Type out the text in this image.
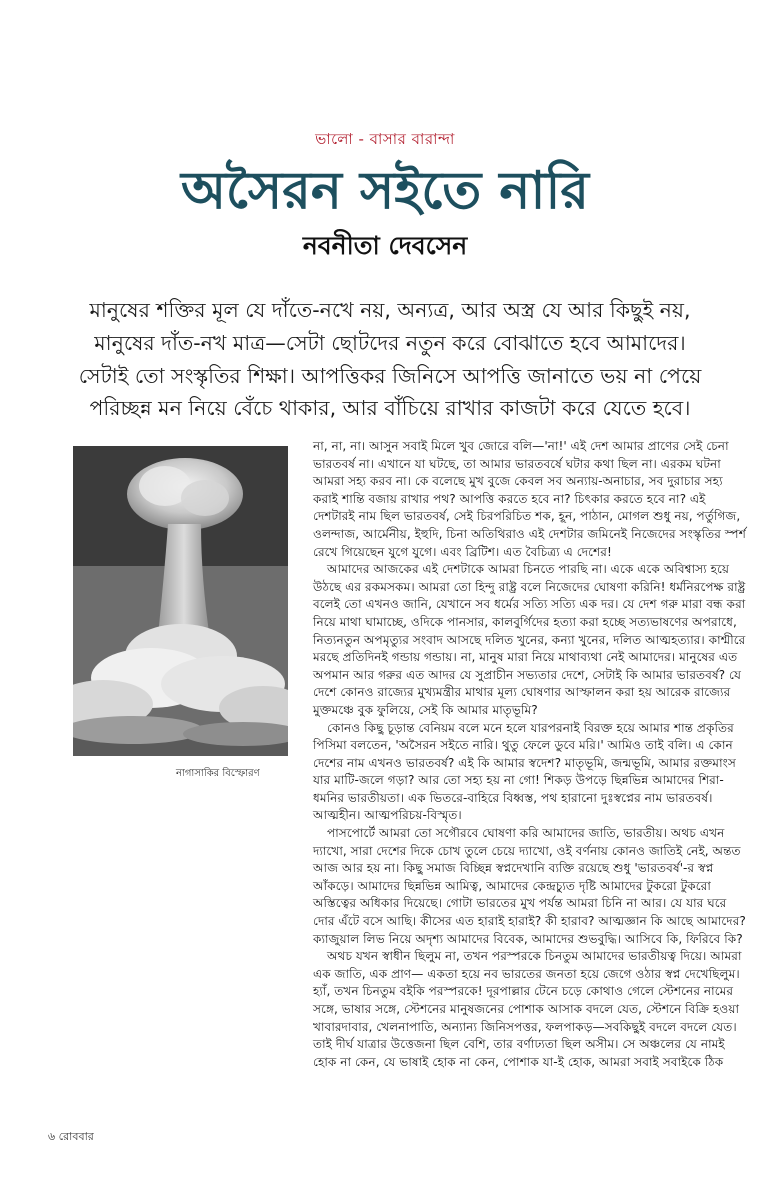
ভালো - বাসার বারান্দা
অসৈরন সইতে নারি
নবনীতা দেবসেন

মানুষের শক্তির মূল যে দাঁতে-নখে নয়, অন্যত্র, আর অস্ত্র যে আর কিছুই নয়,

মানুষের দাঁত-নখ মাত্র—সেটা ছোটদের নতুন করে বোঝাতে হবে আমাদের।

সেটাই তো সংস্কৃতির শিক্ষা। আপত্তিকর জিনিসে আপত্তি জানাতে ভয় না পেয়ে

পরিচ্ছন্ন মন নিয়ে বেঁচে থাকার, আর বাঁচিয়ে রাখার কাজটা করে যেতে হবে।

নাগাসাকির বিস্ফোরণ

না, না, না। আসুন সবাই মিলে খুব জোরে বলি—'না!' এই দেশ আমার প্রাণের সেই চেনা ভারতবর্ষ না। এখানে যা ঘটছে, তা আমার ভারতবর্ষে ঘটার কথা ছিল না। এরকম ঘটনা আমরা সহ্য করব না। কে বলেছে মুখ বুজে কেবল সব অন্যায়-অনাচার, সব দুরাচার সহ্য করাই শান্তি বজায় রাখার পথ? আপত্তি করতে হবে না? চিৎকার করতে হবে না? এই দেশটারই নাম ছিল ভারতবর্ষ, সেই চিরপরিচিত শক, হূন, পাঠান, মোগল শুধু নয়, পর্তুগিজ, ওলন্দাজ, আর্মেনীয়, ইহুদি, চিনা অতিথিরাও এই দেশটার জমিনেই নিজেদের সংস্কৃতির স্পর্শ রেখে গিয়েছেন যুগে যুগে। এবং ব্রিটিশ। এত বৈচিত্র্য এ দেশের!

আমাদের আজকের এই দেশটাকে আমরা চিনতে পারছি না। একে একে অবিশ্বাস্য হয়ে উঠছে এর রকমসকম। আমরা তো হিন্দু রাষ্ট্র বলে নিজেদের ঘোষণা করিনি! ধর্মনিরপেক্ষ রাষ্ট্র বলেই তো এখনও জানি, যেখানে সব ধর্মের সত্যি সত্যি এক দর। যে দেশ গরু মারা বন্ধ করা নিয়ে মাথা ঘামাচ্ছে, ওদিকে পানসার, কালবুর্গিদের হত্যা করা হচ্ছে সত্যভাষণের অপরাধে, নিত্যনতুন অপমৃত্যুর সংবাদ আসছে দলিত খুনের, কন্যা খুনের, দলিত আত্মহত্যার। কাশ্মীরে মরছে প্রতিদিনই গন্ডায় গন্ডায়। না, মানুষ মারা নিয়ে মাথাব্যথা নেই আমাদের। মানুষের এত অপমান আর গরুর এত আদর যে সুপ্রাচীন সভ্যতার দেশে, সেটাই কি আমার ভারতবর্ষ? যে দেশে কোনও রাজ্যের মুখ্যমন্ত্রীর মাথার মূল্য ঘোষণার আস্ফালন করা হয় আরেক রাজ্যের মুক্তমঞ্চে বুক ফুলিয়ে, সেই কি আমার মাতৃভূমি?

কোনও কিছু চূড়ান্ত বেনিয়ম বলে মনে হলে যারপরনাই বিরক্ত হয়ে আমার শান্ত প্রকৃতির পিসিমা বলতেন, 'অসৈরন সইতে নারি। থুতু ফেলে ডুবে মরি।' আমিও তাই বলি। এ কোন দেশের নাম এখনও ভারতবর্ষ? এই কি আমার স্বদেশ? মাতৃভূমি, জন্মভূমি, আমার রক্তমাংস যার মাটি-জলে গড়া? আর তো সহ্য হয় না গো! শিকড় উপড়ে ছিন্নভিন্ন আমাদের শিরা-ধমনির ভারতীয়তা। এক ভিতরে-বাহিরে বিধ্বস্ত, পথ হারানো দুঃস্বপ্নের নাম ভারতবর্ষ। আত্মহীন। আত্মপরিচয়-বিস্মৃত।

পাসপোর্টে আমরা তো সগৌরবে ঘোষণা করি আমাদের জাতি, ভারতীয়। অথচ এখন দ্যাখো, সারা দেশের দিকে চোখ তুলে চেয়ে দ্যাখো, ওই বর্ণনায় কোনও জাতিই নেই, অন্তত আজ আর হয় না। কিছু সমাজ বিচ্ছিন্ন স্বপ্নদেখানি ব্যক্তি রয়েছে শুধু 'ভারতবর্ষ'-র স্বপ্ন আঁকড়ে। আমাদের ছিন্নভিন্ন আমিত্ব, আমাদের কেন্দ্রচ্যুত দৃষ্টি আমাদের টুকরো টুকরো অস্তিত্বের অধিকার দিয়েছে। গোটা ভারতের মুখ পর্যন্ত আমরা চিনি না আর। যে যার ঘরে দোর এঁটে বসে আছি। কীসের এত হারাই হারাই? কী হারাব? আত্মজ্ঞান কি আছে আমাদের? ক্যাজুয়াল লিভ নিয়ে অদৃশ্য আমাদের বিবেক, আমাদের শুভবুদ্ধি। আসিবে কি, ফিরিবে কি?

অথচ যখন স্বাধীন ছিলুম না, তখন পরস্পরকে চিনতুম আমাদের ভারতীয়ত্ব দিয়ে। আমরা এক জাতি, এক প্রাণ— একতা হয়ে নব ভারতের জনতা হয়ে জেগে ওঠার স্বপ্ন দেখেছিলুম। হ্যাঁ, তখন চিনতুম বইকি পরস্পরকে! দূরপাল্লার টেনে চড়ে কোথাও গেলে স্টেশনের নামের সঙ্গে, ভাষার সঙ্গে, স্টেশনের মানুষজনের পোশাক আসাক বদলে যেত, স্টেশনে বিক্রি হওয়া খাবারদাবার, খেলনাপাতি, অন্যান্য জিনিসপত্তর, ফলপাকড়—সবকিছুই বদলে বদলে যেত। তাই দীর্ঘ যাত্রার উত্তেজনা ছিল বেশি, তার বর্ণাঢ্যতা ছিল অসীম। সে অঞ্চলের যে নামই হোক না কেন, যে ভাষাই হোক না কেন, পোশাক যা-ই হোক, আমরা সবাই সবাইকে ঠিক

৬ রোববার
